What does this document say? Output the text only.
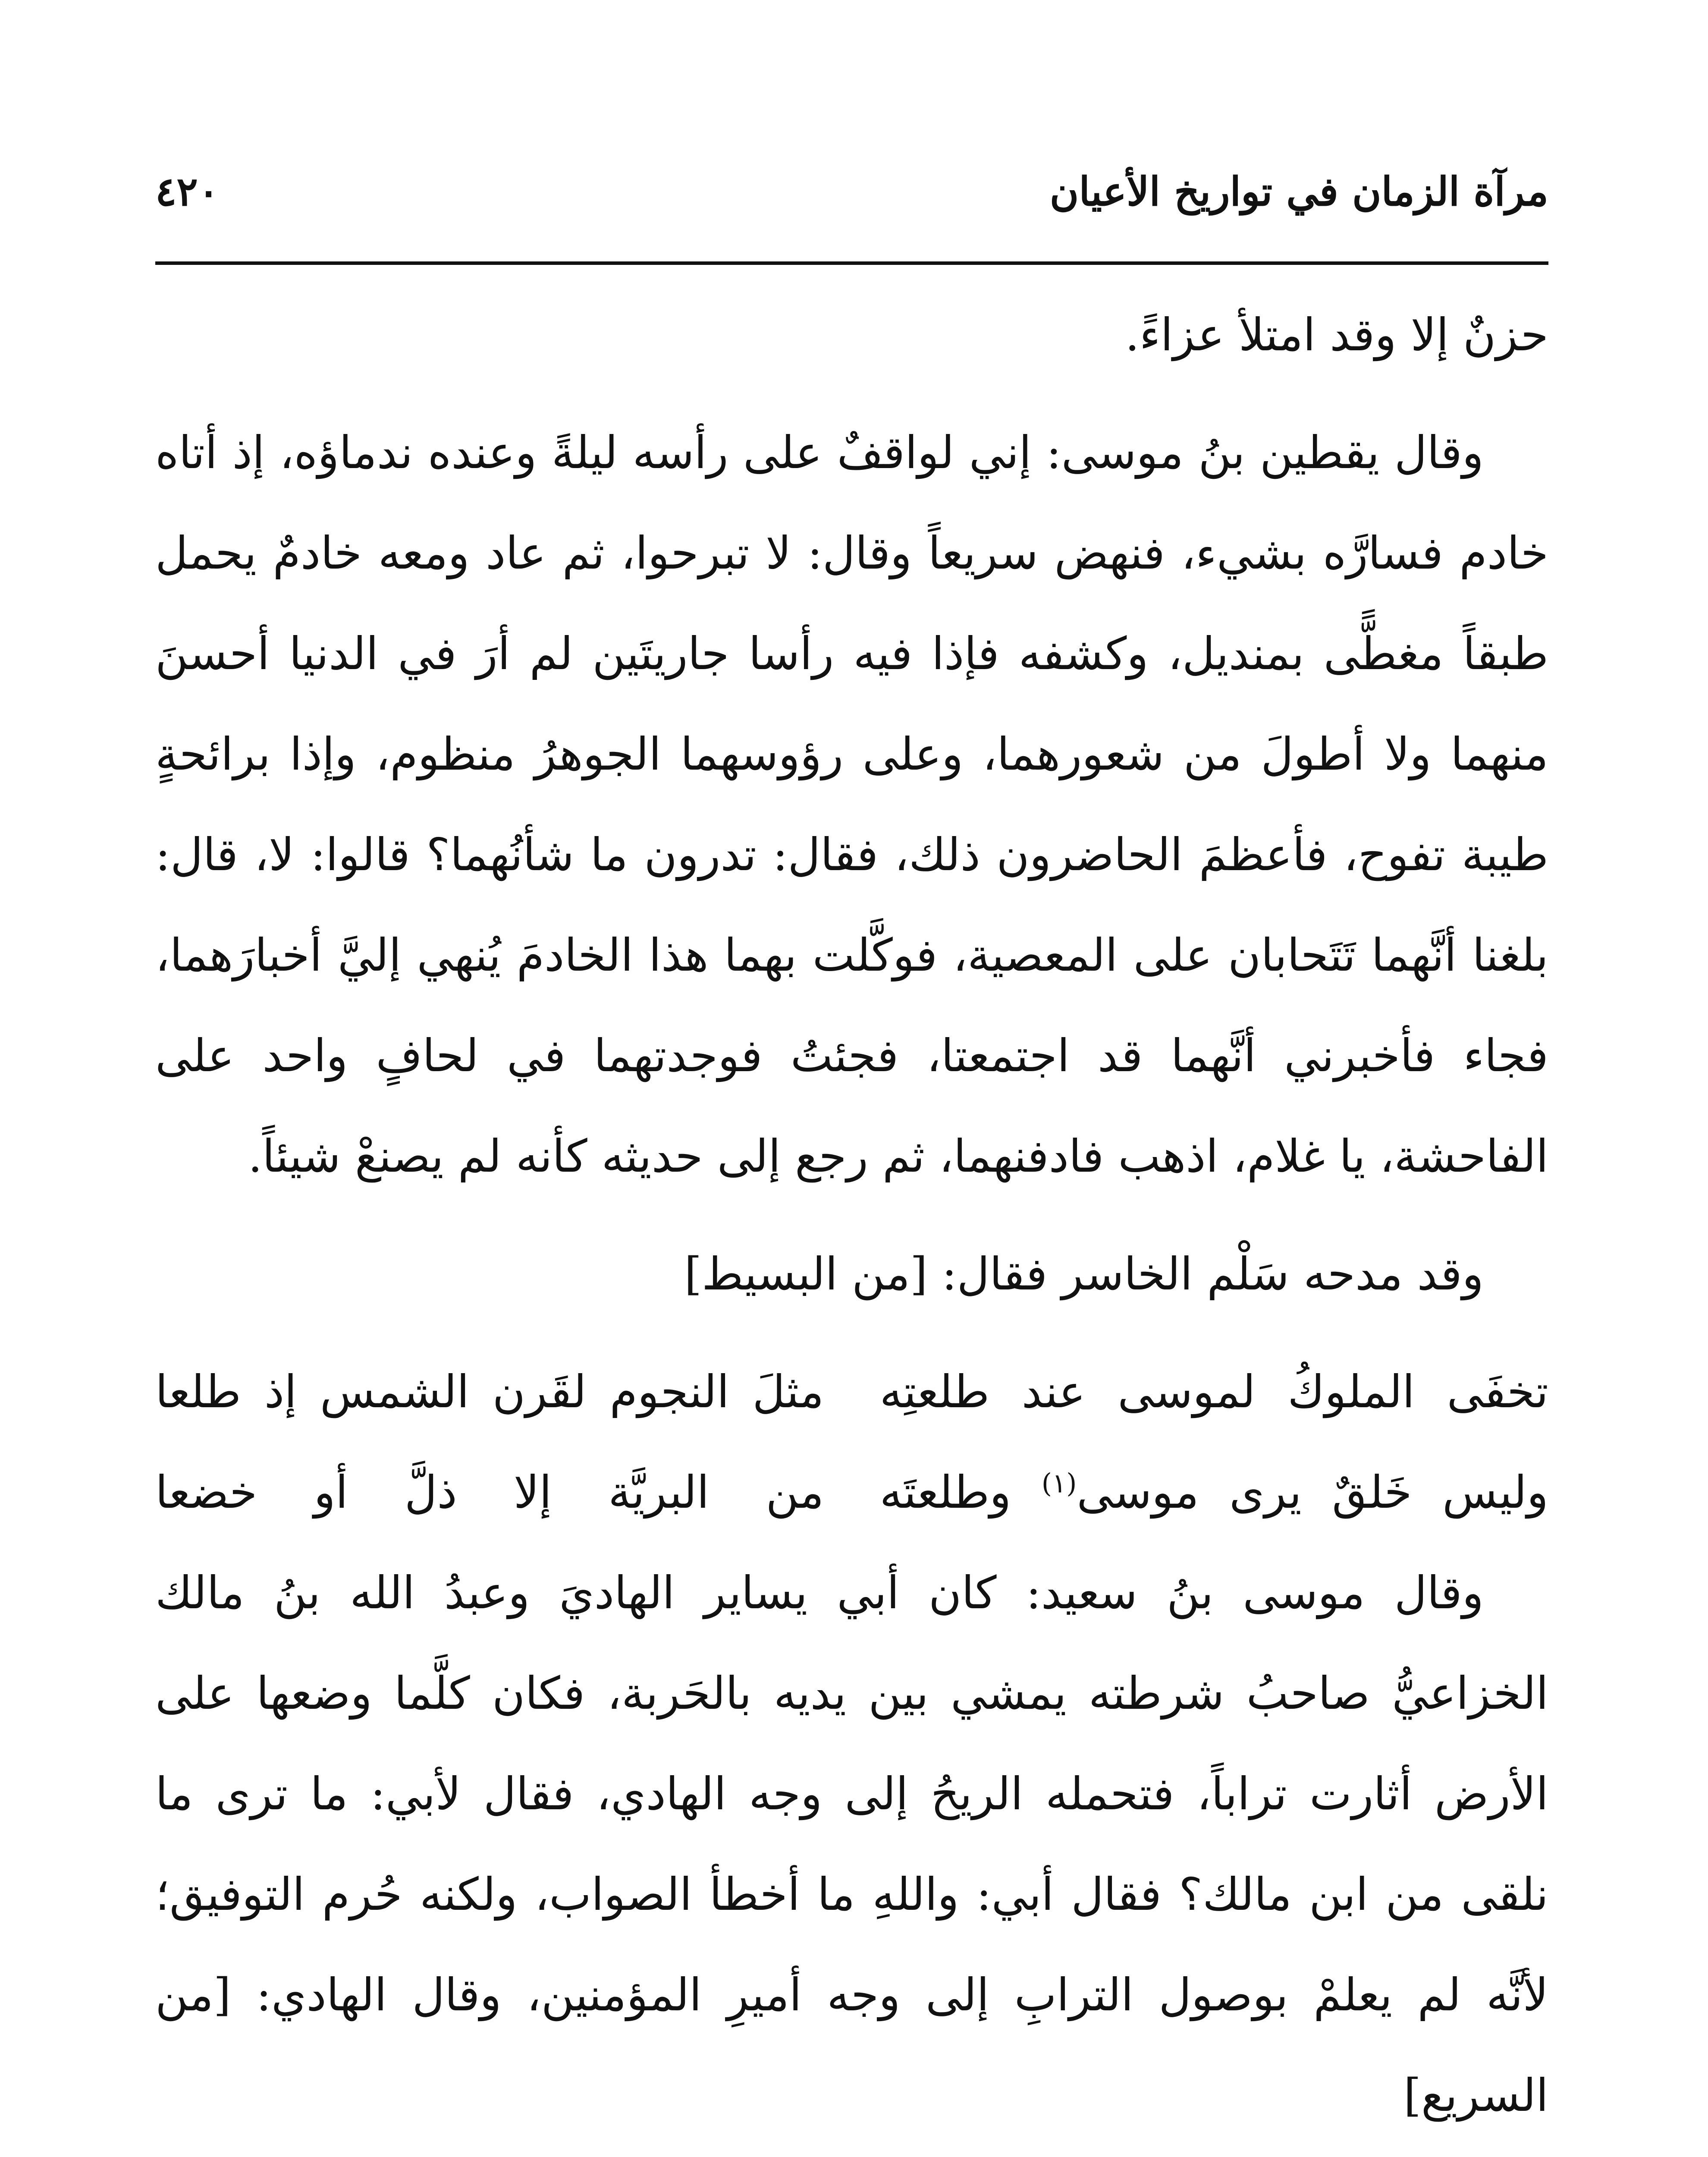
مرآة الزمان في تواريخ الأعيان
٤٢٠

حزنٌ إلا وقد امتلأ عزاءً.

وقال يقطين بنُ موسى: إني لواقفٌ على رأسه ليلةً وعنده ندماؤه، إذ أتاه خادم فسارَّه بشيء، فنهض سريعاً وقال: لا تبرحوا، ثم عاد ومعه خادمٌ يحمل طبقاً مغطًّى بمنديل، وكشفه فإذا فيه رأسا جاريتَين لم أرَ في الدنيا أحسنَ منهما ولا أطولَ من شعورهما، وعلى رؤوسهما الجوهرُ منظوم، وإذا برائحةٍ طيبة تفوح، فأعظمَ الحاضرون ذلك، فقال: تدرون ما شأنُهما؟ قالوا: لا، قال: بلغنا أنَّهما تَتَحابان على المعصية، فوكَّلت بهما هذا الخادمَ يُنهي إليَّ أخبارَهما، فجاء فأخبرني أنَّهما قد اجتمعتا، فجئتُ فوجدتهما في لحافٍ واحد على الفاحشة، يا غلام، اذهب فادفنهما، ثم رجع إلى حديثه كأنه لم يصنعْ شيئاً.

وقد مدحه سَلْم الخاسر فقال: [من البسيط]

تخفَى الملوكُ لموسى عند طلعتِه
مثلَ النجوم لقَرن الشمس إذ طلعا
وليس خَلقٌ يرى موسى$^{(١)}$ وطلعتَه
من البريَّة إلا ذلَّ أو خضعا

وقال موسى بنُ سعيد: كان أبي يساير الهاديَ وعبدُ الله بنُ مالك الخزاعيُّ صاحبُ شرطته يمشي بين يديه بالحَربة، فكان كلَّما وضعها على الأرض أثارت تراباً، فتحمله الريحُ إلى وجه الهادي، فقال لأبي: ما ترى ما نلقى من ابن مالك؟ فقال أبي: واللهِ ما أخطأ الصواب، ولكنه حُرم التوفيق؛ لأنَّه لم يعلمْ بوصول الترابِ إلى وجه أميرِ المؤمنين، وقال الهادي: [من السريع]
